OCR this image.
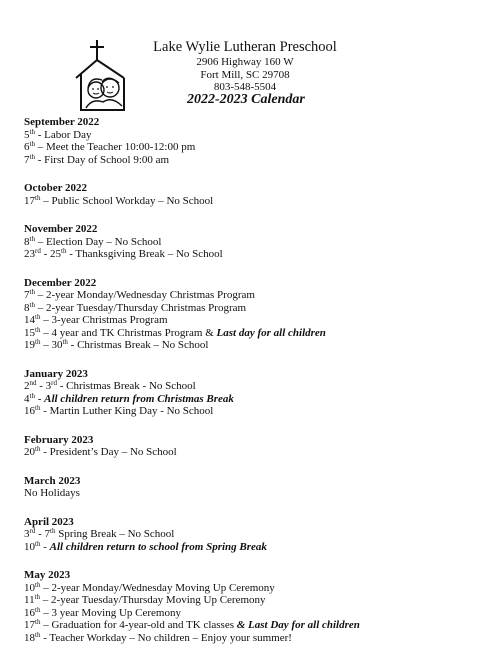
Lake Wylie Lutheran Preschool
2906 Highway 160 W
Fort Mill, SC 29708
803-548-5504
2022-2023 Calendar
September 2022
5th - Labor Day
6th – Meet the Teacher 10:00-12:00 pm
7th - First Day of School 9:00 am
October 2022
17th – Public School Workday – No School
November 2022
8th – Election Day – No School
23rd - 25th - Thanksgiving Break – No School
December 2022
7th – 2-year Monday/Wednesday Christmas Program
8th – 2-year Tuesday/Thursday Christmas Program
14th – 3-year Christmas Program
15th – 4 year and TK Christmas Program & Last day for all children
19th – 30th - Christmas Break – No School
January 2023
2nd - 3rd - Christmas Break - No School
4th - All children return from Christmas Break
16th - Martin Luther King Day - No School
February 2023
20th - President’s Day – No School
March 2023
No Holidays
April 2023
3rd - 7th Spring Break – No School
10th - All children return to school from Spring Break
May 2023
10th – 2-year Monday/Wednesday Moving Up Ceremony
11th – 2-year Tuesday/Thursday Moving Up Ceremony
16th – 3 year Moving Up Ceremony
17th – Graduation for 4-year-old and TK classes & Last Day for all children
18th - Teacher Workday – No children – Enjoy your summer!
